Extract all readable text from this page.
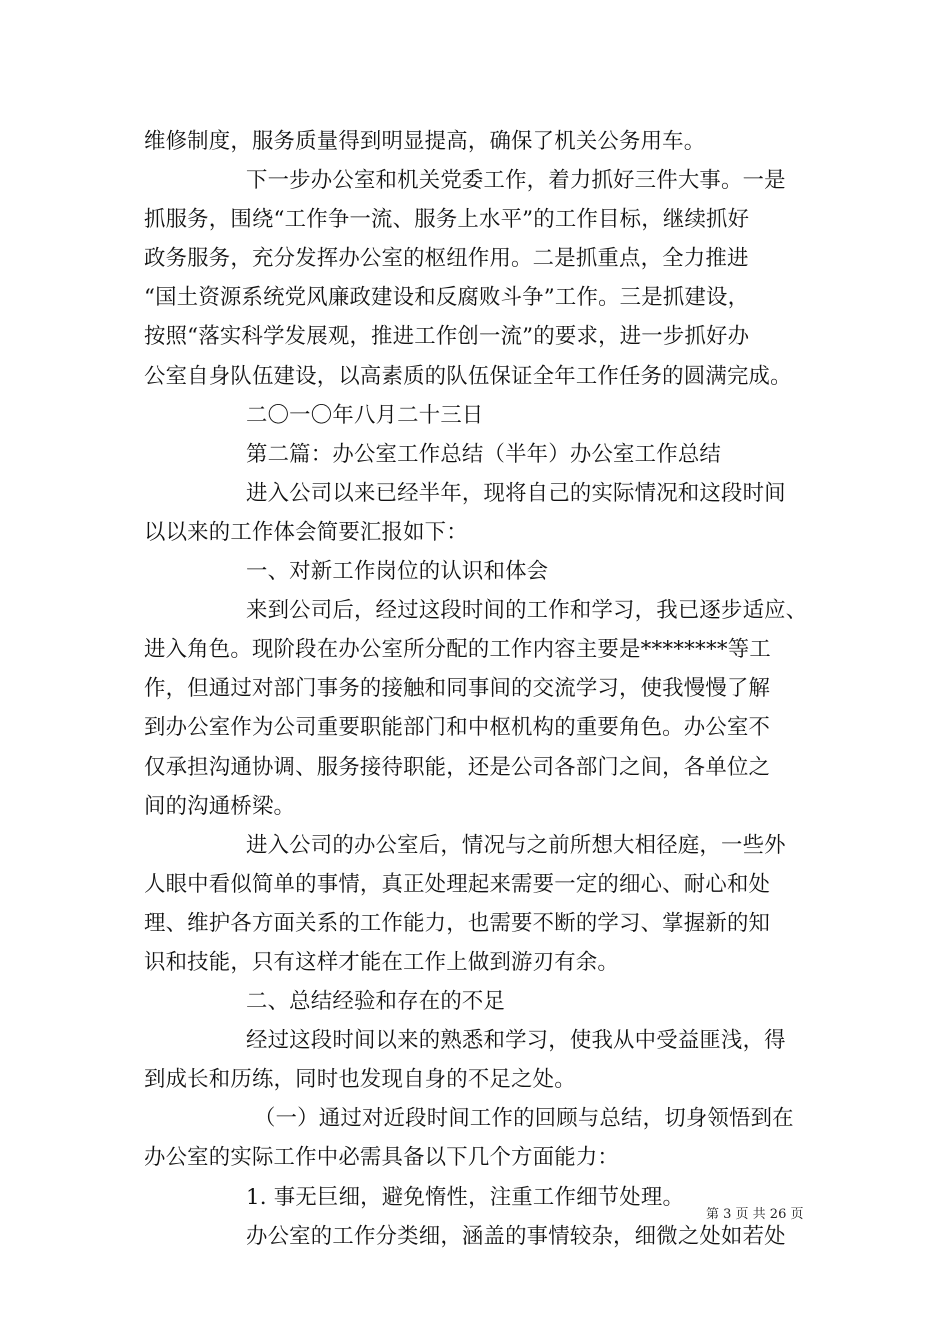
维修制度，服务质量得到明显提高，确保了机关公务用车。
下一步办公室和机关党委工作，着力抓好三件大事。一是
抓服务，围绕“工作争一流、服务上水平”的工作目标，继续抓好
政务服务，充分发挥办公室的枢纽作用。二是抓重点，全力推进
“国土资源系统党风廉政建设和反腐败斗争”工作。三是抓建设，
按照“落实科学发展观，推进工作创一流”的要求，进一步抓好办
公室自身队伍建设，以高素质的队伍保证全年工作任务的圆满完成。
二〇一〇年八月二十三日
第二篇：办公室工作总结（半年）办公室工作总结
进入公司以来已经半年，现将自己的实际情况和这段时间
以以来的工作体会简要汇报如下：
一、对新工作岗位的认识和体会
来到公司后，经过这段时间的工作和学习，我已逐步适应、
进入角色。现阶段在办公室所分配的工作内容主要是********等工
作，但通过对部门事务的接触和同事间的交流学习，使我慢慢了解
到办公室作为公司重要职能部门和中枢机构的重要角色。办公室不
仅承担沟通协调、服务接待职能，还是公司各部门之间，各单位之
间的沟通桥梁。
进入公司的办公室后，情况与之前所想大相径庭，一些外
人眼中看似简单的事情，真正处理起来需要一定的细心、耐心和处
理、维护各方面关系的工作能力，也需要不断的学习、掌握新的知
识和技能，只有这样才能在工作上做到游刃有余。
二、总结经验和存在的不足
经过这段时间以来的熟悉和学习，使我从中受益匪浅，得
到成长和历练，同时也发现自身的不足之处。
（一）通过对近段时间工作的回顾与总结，切身领悟到在
办公室的实际工作中必需具备以下几个方面能力：
1. 事无巨细，避免惰性，注重工作细节处理。
办公室的工作分类细，涵盖的事情较杂，细微之处如若处
第 3 页 共 26 页
